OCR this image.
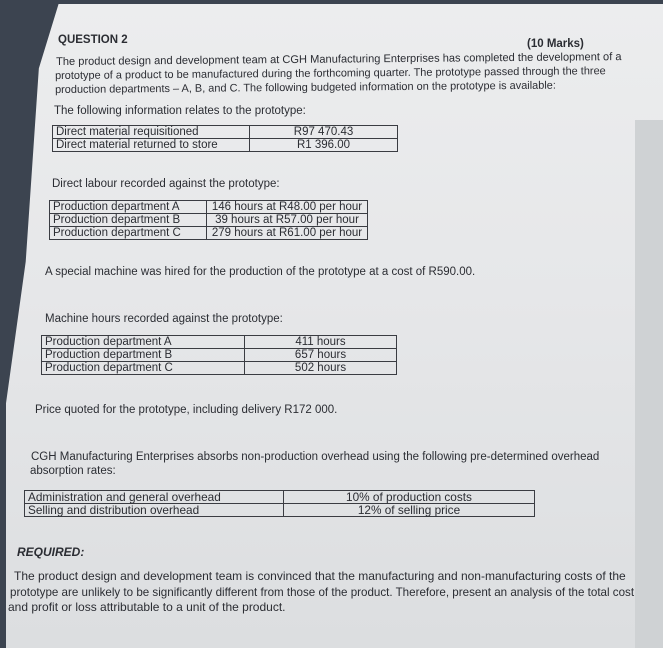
QUESTION 2	(10 Marks)
The product design and development team at CGH Manufacturing Enterprises has completed the development of a
prototype of a product to be manufactured during the forthcoming quarter. The prototype passed through the three
production departments – A, B, and C. The following budgeted information on the prototype is available:
The following information relates to the prototype:
Direct material requisitioned	R97 470.43
Direct material returned to store	R1 396.00
Direct labour recorded against the prototype:
Production department A	146 hours at R48.00 per hour
Production department B	39 hours at R57.00 per hour
Production department C	279 hours at R61.00 per hour
A special machine was hired for the production of the prototype at a cost of R590.00.
Machine hours recorded against the prototype:
Production department A	411 hours
Production department B	657 hours
Production department C	502 hours
Price quoted for the prototype, including delivery R172 000.
CGH Manufacturing Enterprises absorbs non-production overhead using the following pre-determined overhead
absorption rates:
Administration and general overhead	10% of production costs
Selling and distribution overhead	12% of selling price
REQUIRED:
The product design and development team is convinced that the manufacturing and non-manufacturing costs of the
prototype are unlikely to be significantly different from those of the product. Therefore, present an analysis of the total cost
and profit or loss attributable to a unit of the product.
